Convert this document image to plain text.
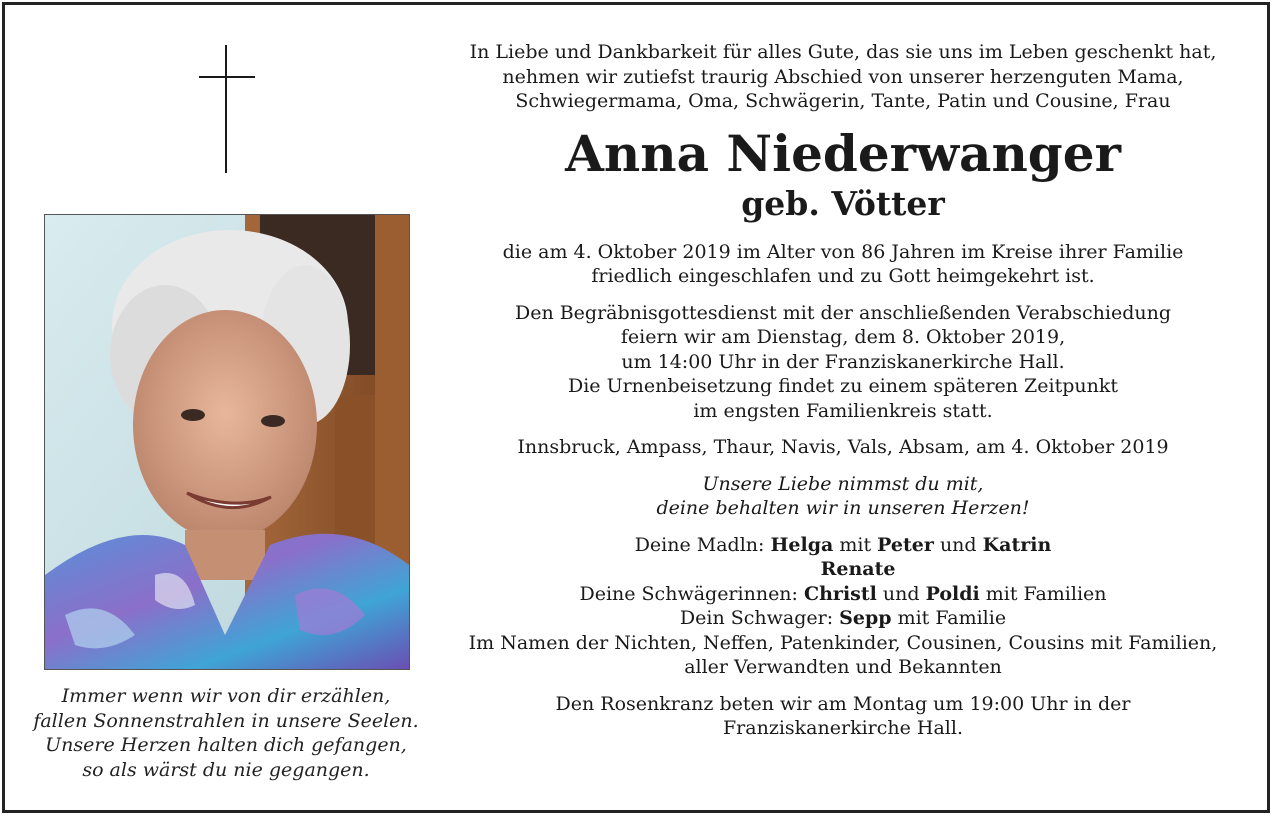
Immer wenn wir von dir erzählen,
fallen Sonnenstrahlen in unsere Seelen.
Unsere Herzen halten dich gefangen,
so als wärst du nie gegangen.
In Liebe und Dankbarkeit für alles Gute, das sie uns im Leben geschenkt hat,
nehmen wir zutiefst traurig Abschied von unserer herzenguten Mama,
Schwiegermama, Oma, Schwägerin, Tante, Patin und Cousine, Frau
Anna Niederwanger
geb. Vötter
die am 4. Oktober 2019 im Alter von 86 Jahren im Kreise ihrer Familie
friedlich eingeschlafen und zu Gott heimgekehrt ist.
Den Begräbnisgottesdienst mit der anschließenden Verabschiedung
feiern wir am Dienstag, dem 8. Oktober 2019,
um 14:00 Uhr in der Franziskanerkirche Hall.
Die Urnenbeisetzung findet zu einem späteren Zeitpunkt
im engsten Familienkreis statt.
Innsbruck, Ampass, Thaur, Navis, Vals, Absam, am 4. Oktober 2019
Unsere Liebe nimmst du mit,
deine behalten wir in unseren Herzen!
Deine Madln: Helga mit Peter und Katrin
Renate
Deine Schwägerinnen: Christl und Poldi mit Familien
Dein Schwager: Sepp mit Familie
Im Namen der Nichten, Neffen, Patenkinder, Cousinen, Cousins mit Familien,
aller Verwandten und Bekannten
Den Rosenkranz beten wir am Montag um 19:00 Uhr in der
Franziskanerkirche Hall.
